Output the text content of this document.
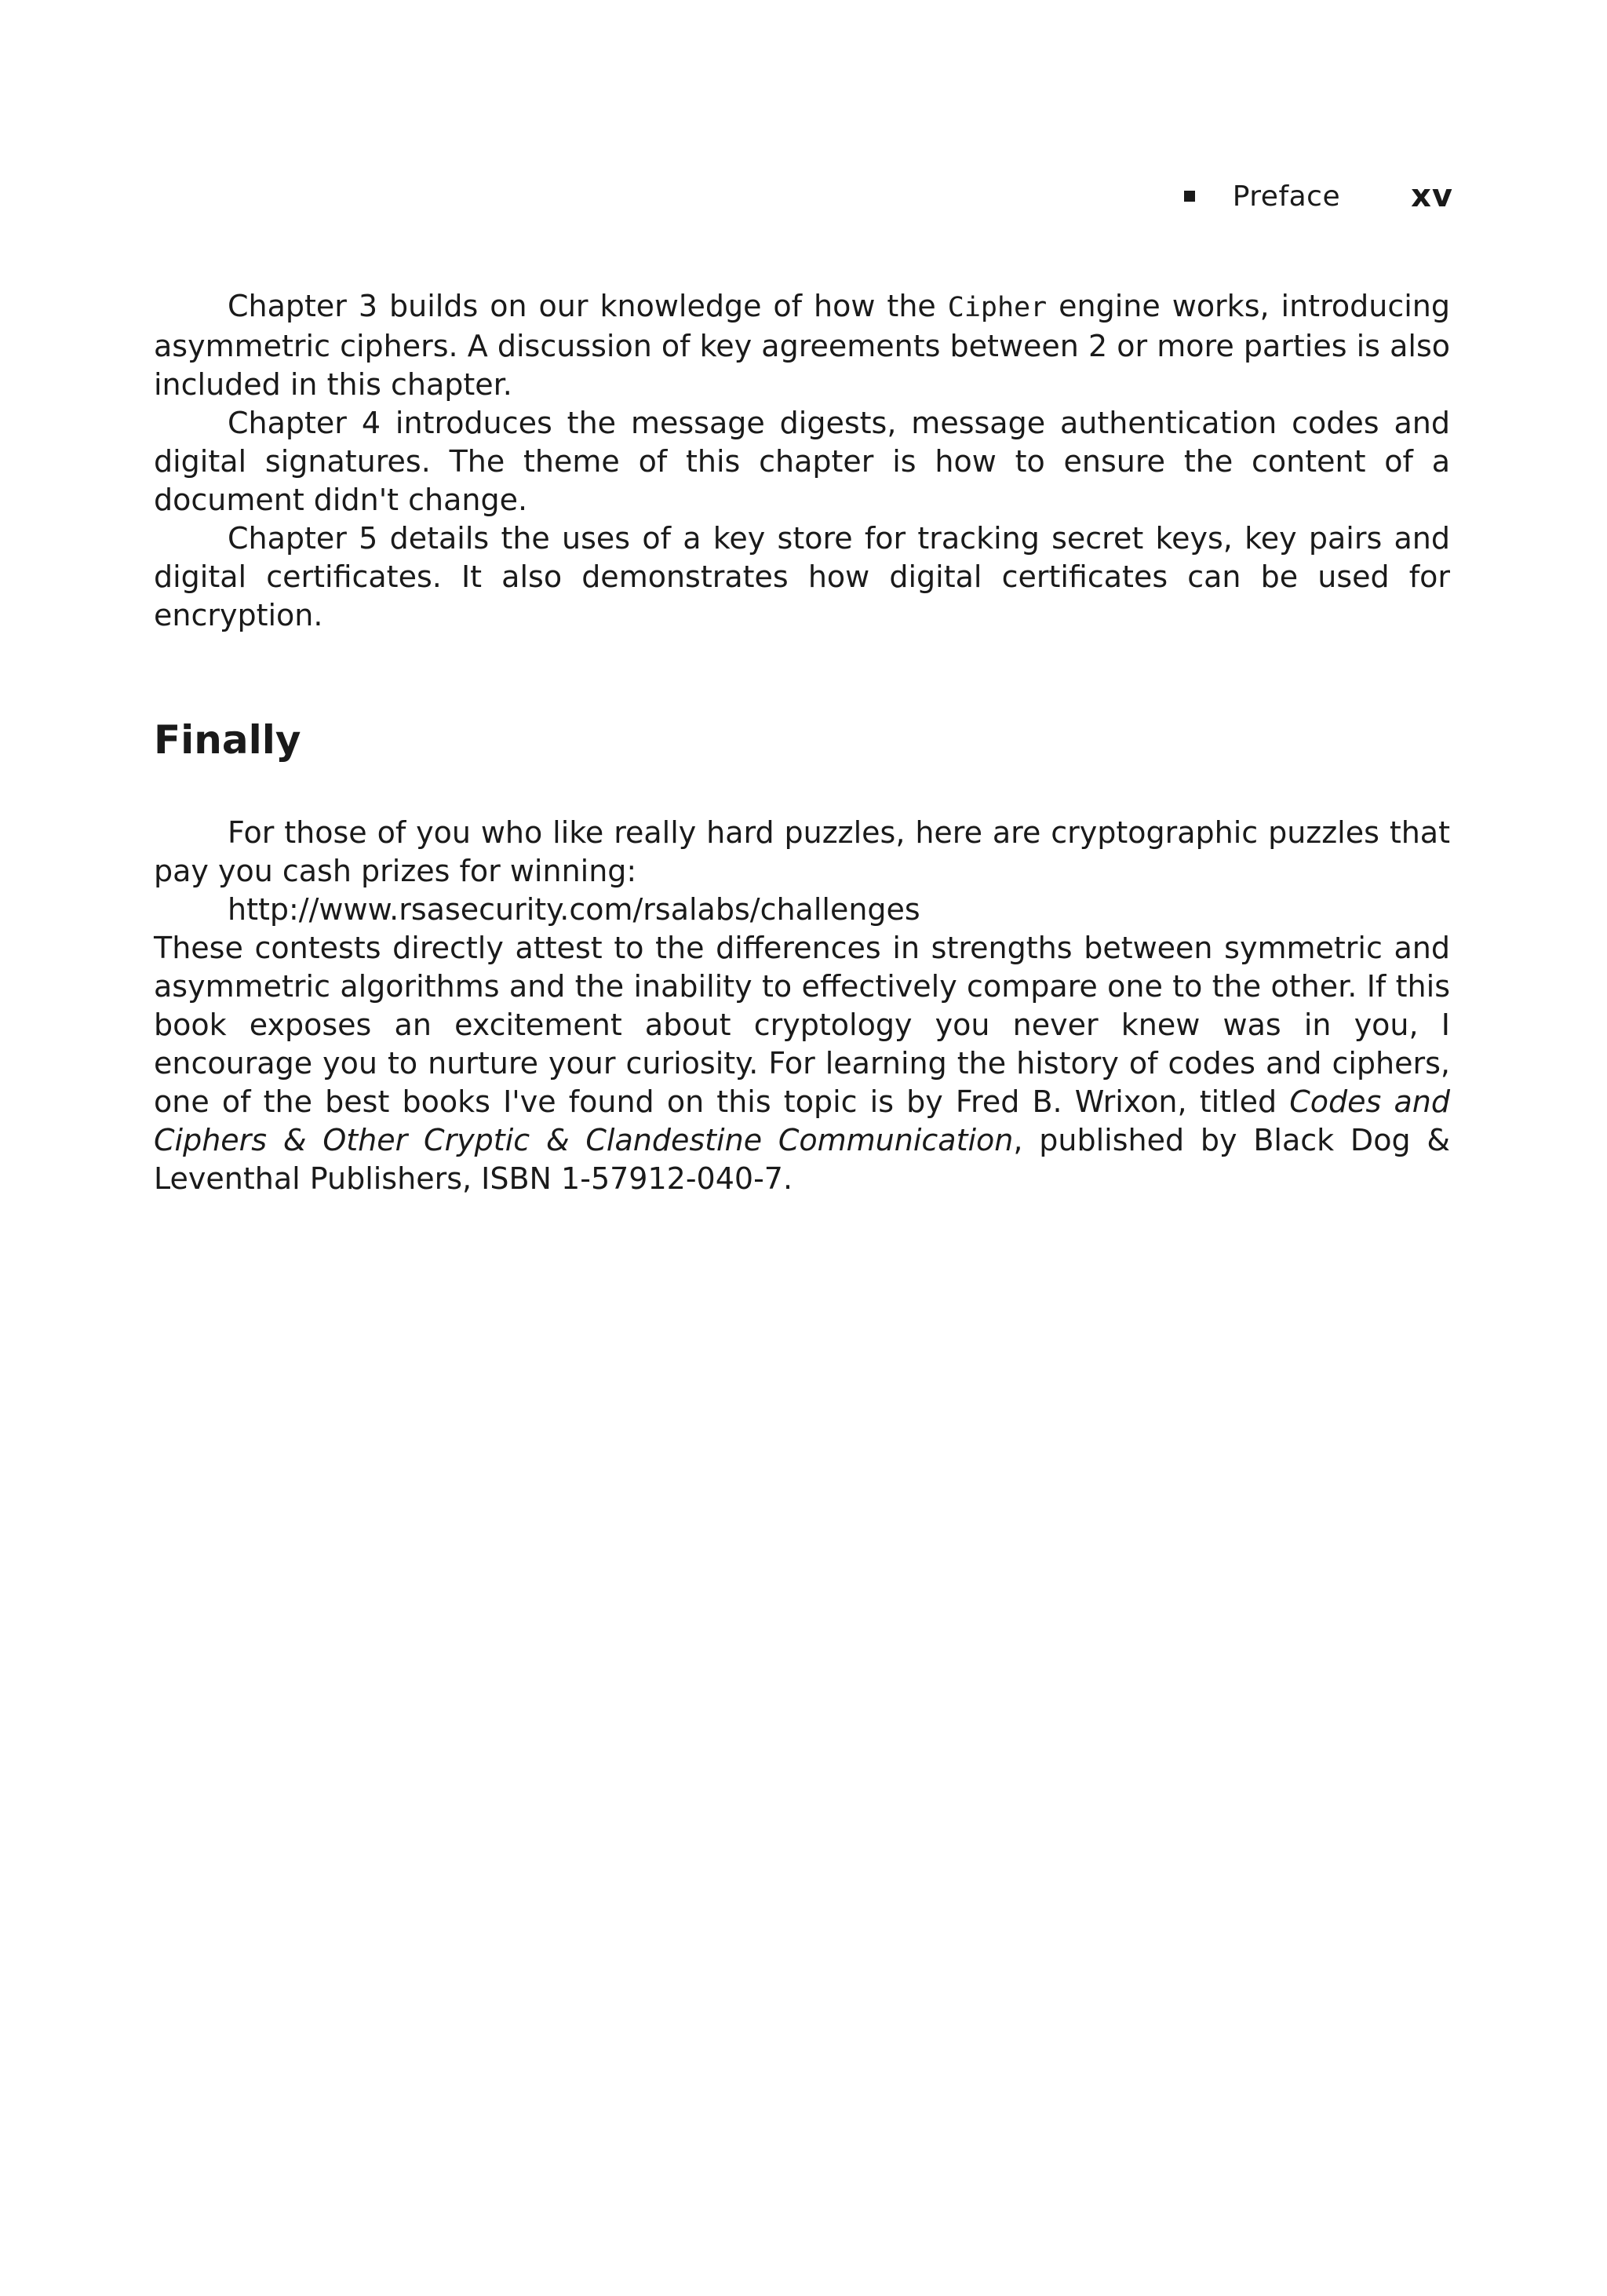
Preface xv

Chapter 3 builds on our knowledge of how the Cipher engine works, introducing asymmetric ciphers. A discussion of key agreements between 2 or more parties is also included in this chapter.

Chapter 4 introduces the message digests, message authentication codes and digital signatures. The theme of this chapter is how to ensure the content of a document didn't change.

Chapter 5 details the uses of a key store for tracking secret keys, key pairs and digital certificates. It also demonstrates how digital certificates can be used for encryption.

Finally

For those of you who like really hard puzzles, here are cryptographic puzzles that pay you cash prizes for winning:

http://www.rsasecurity.com/rsalabs/challenges

These contests directly attest to the differences in strengths between symmetric and asymmetric algorithms and the inability to effectively compare one to the other. If this book exposes an excitement about cryptology you never knew was in you, I encourage you to nurture your curiosity. For learning the history of codes and ciphers, one of the best books I've found on this topic is by Fred B. Wrixon, titled Codes and Ciphers & Other Cryptic & Clandestine Communication, published by Black Dog & Leventhal Publishers, ISBN 1-57912-040-7.
